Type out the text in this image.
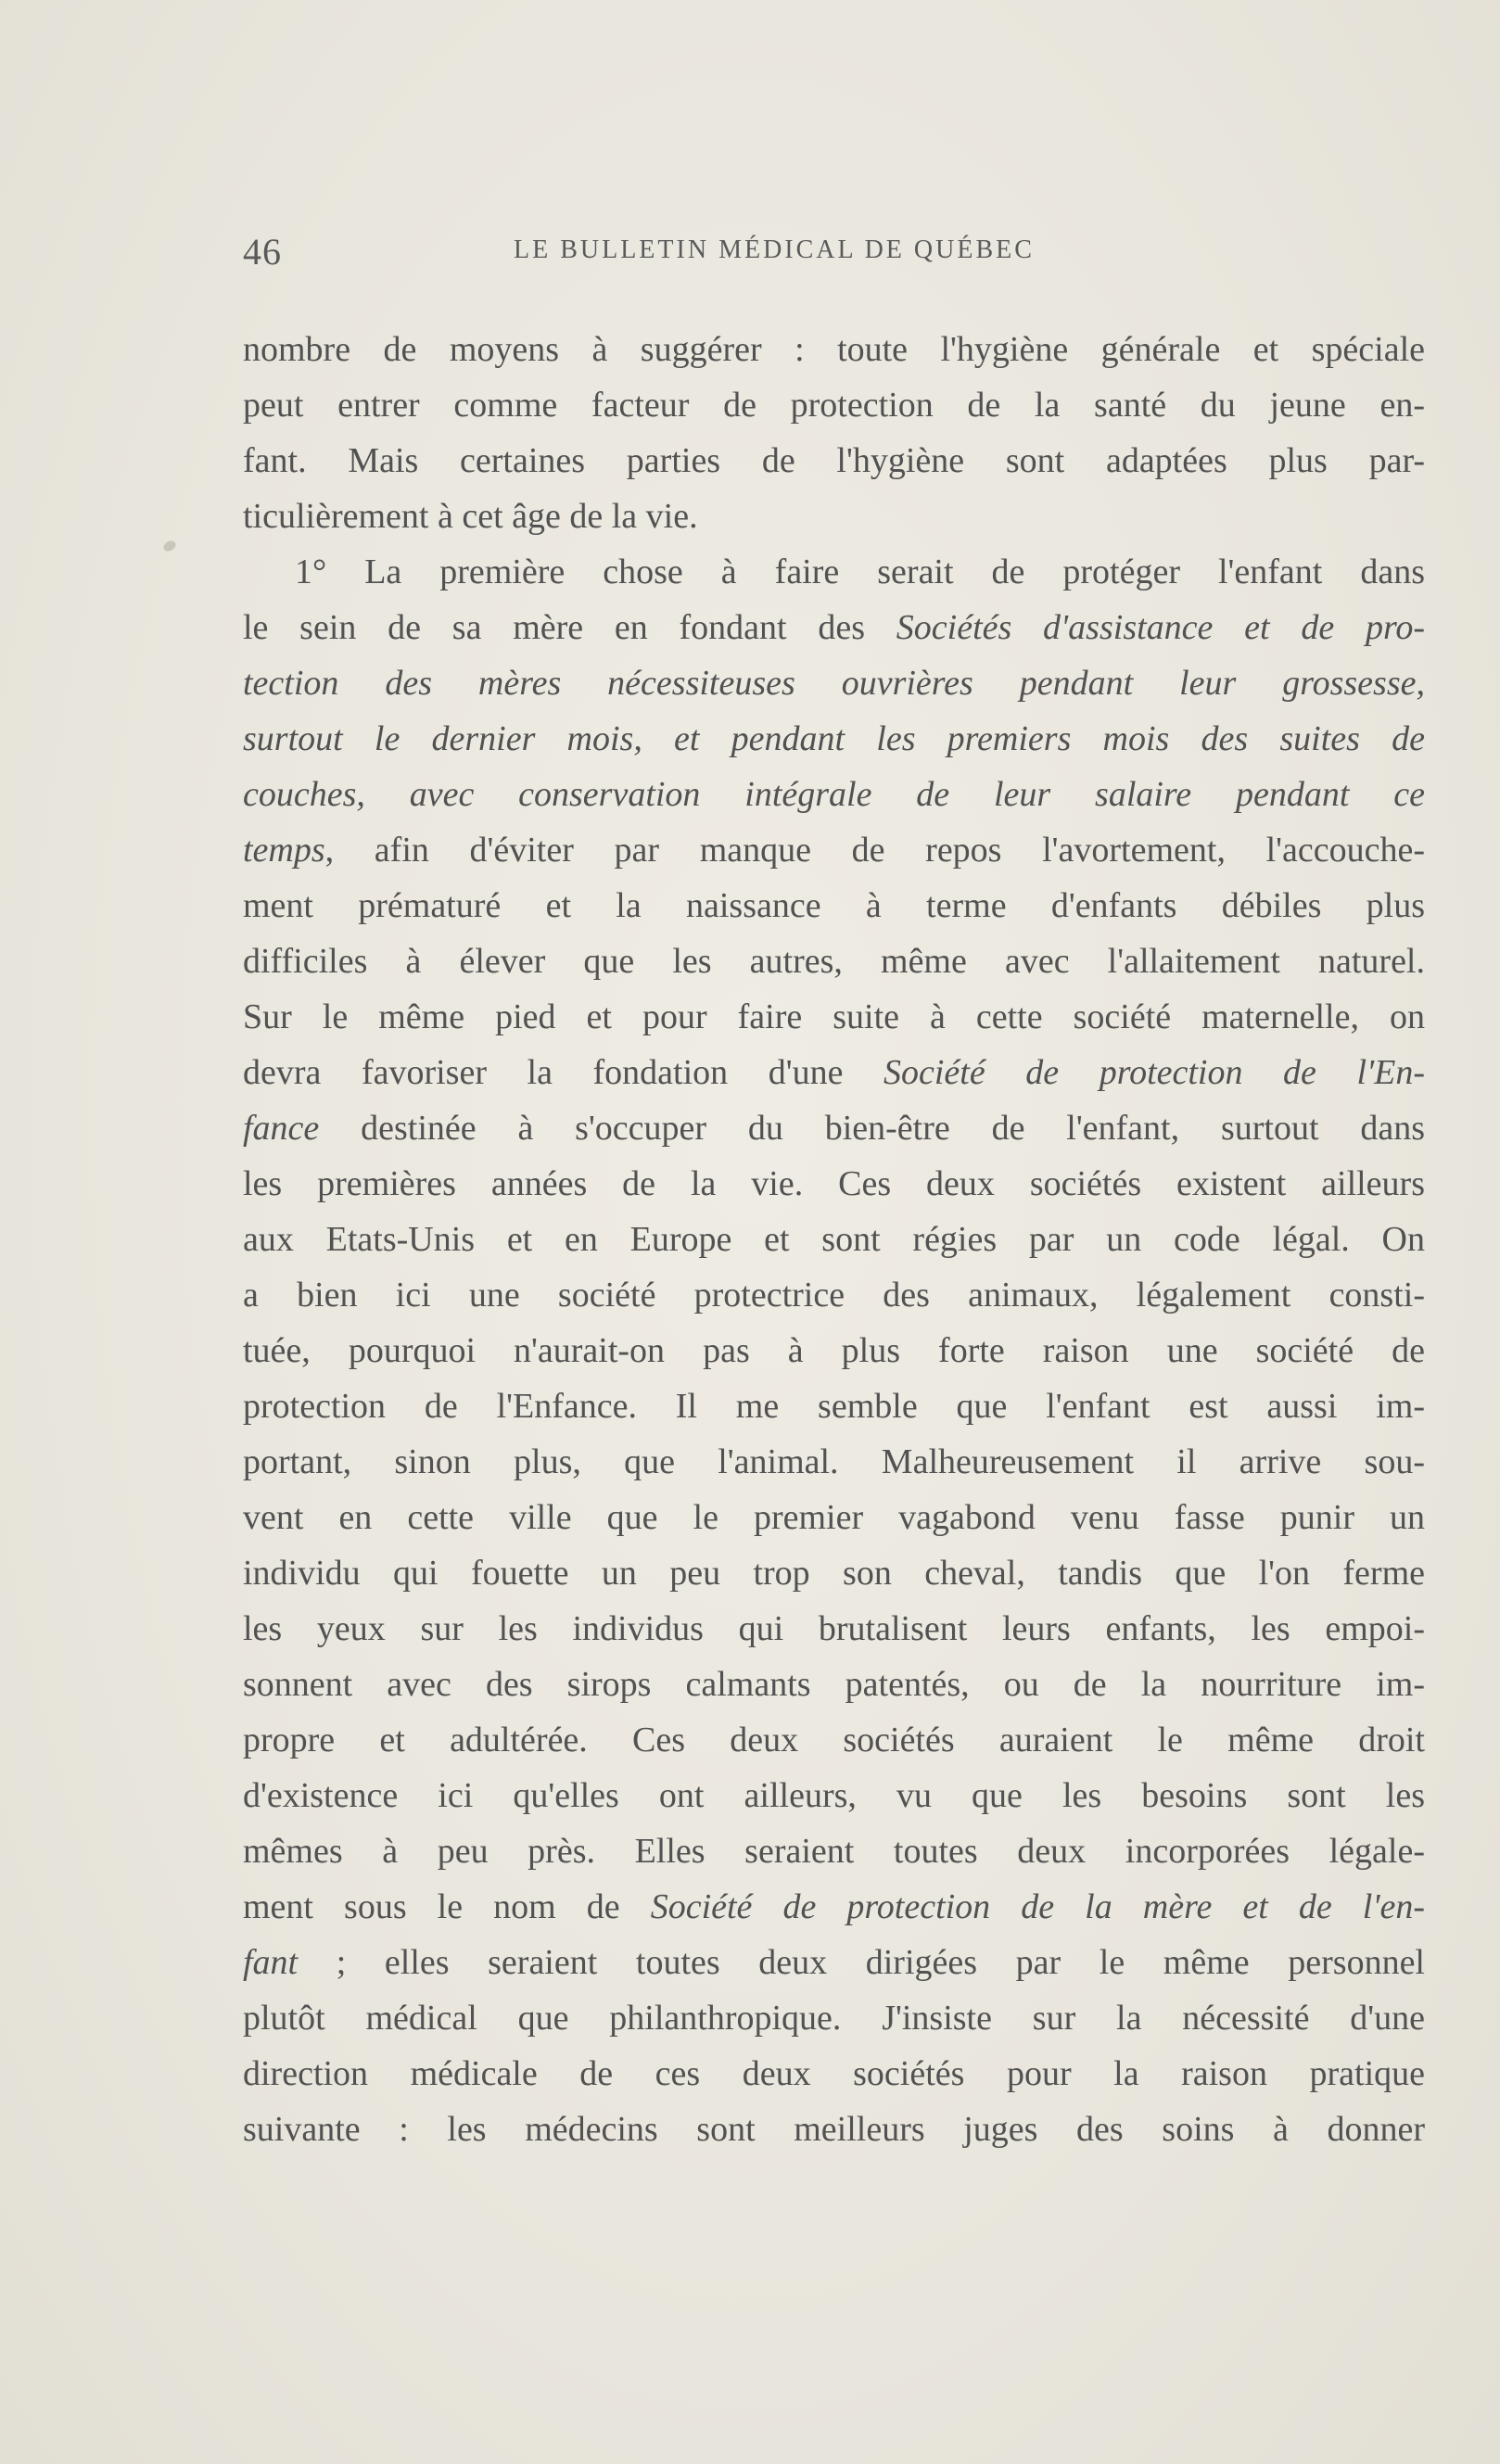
46	LE BULLETIN MÉDICAL DE QUÉBEC
nombre de moyens à suggérer : toute l'hygiène générale et spéciale
peut entrer comme facteur de protection de la santé du jeune en-
fant. Mais certaines parties de l'hygiène sont adaptées plus par-
ticulièrement à cet âge de la vie.
1° La première chose à faire serait de protéger l'enfant dans
le sein de sa mère en fondant des Sociétés d'assistance et de pro-
tection des mères nécessiteuses ouvrières pendant leur grossesse,
surtout le dernier mois, et pendant les premiers mois des suites de
couches, avec conservation intégrale de leur salaire pendant ce
temps, afin d'éviter par manque de repos l'avortement, l'accouche-
ment prématuré et la naissance à terme d'enfants débiles plus
difficiles à élever que les autres, même avec l'allaitement naturel.
Sur le même pied et pour faire suite à cette société maternelle, on
devra favoriser la fondation d'une Société de protection de l'En-
fance destinée à s'occuper du bien-être de l'enfant, surtout dans
les premières années de la vie. Ces deux sociétés existent ailleurs
aux Etats-Unis et en Europe et sont régies par un code légal. On
a bien ici une société protectrice des animaux, légalement consti-
tuée, pourquoi n'aurait-on pas à plus forte raison une société de
protection de l'Enfance. Il me semble que l'enfant est aussi im-
portant, sinon plus, que l'animal. Malheureusement il arrive sou-
vent en cette ville que le premier vagabond venu fasse punir un
individu qui fouette un peu trop son cheval, tandis que l'on ferme
les yeux sur les individus qui brutalisent leurs enfants, les empoi-
sonnent avec des sirops calmants patentés, ou de la nourriture im-
propre et adultérée. Ces deux sociétés auraient le même droit
d'existence ici qu'elles ont ailleurs, vu que les besoins sont les
mêmes à peu près. Elles seraient toutes deux incorporées légale-
ment sous le nom de Société de protection de la mère et de l'en-
fant ; elles seraient toutes deux dirigées par le même personnel
plutôt médical que philanthropique. J'insiste sur la nécessité d'une
direction médicale de ces deux sociétés pour la raison pratique
suivante : les médecins sont meilleurs juges des soins à donner
